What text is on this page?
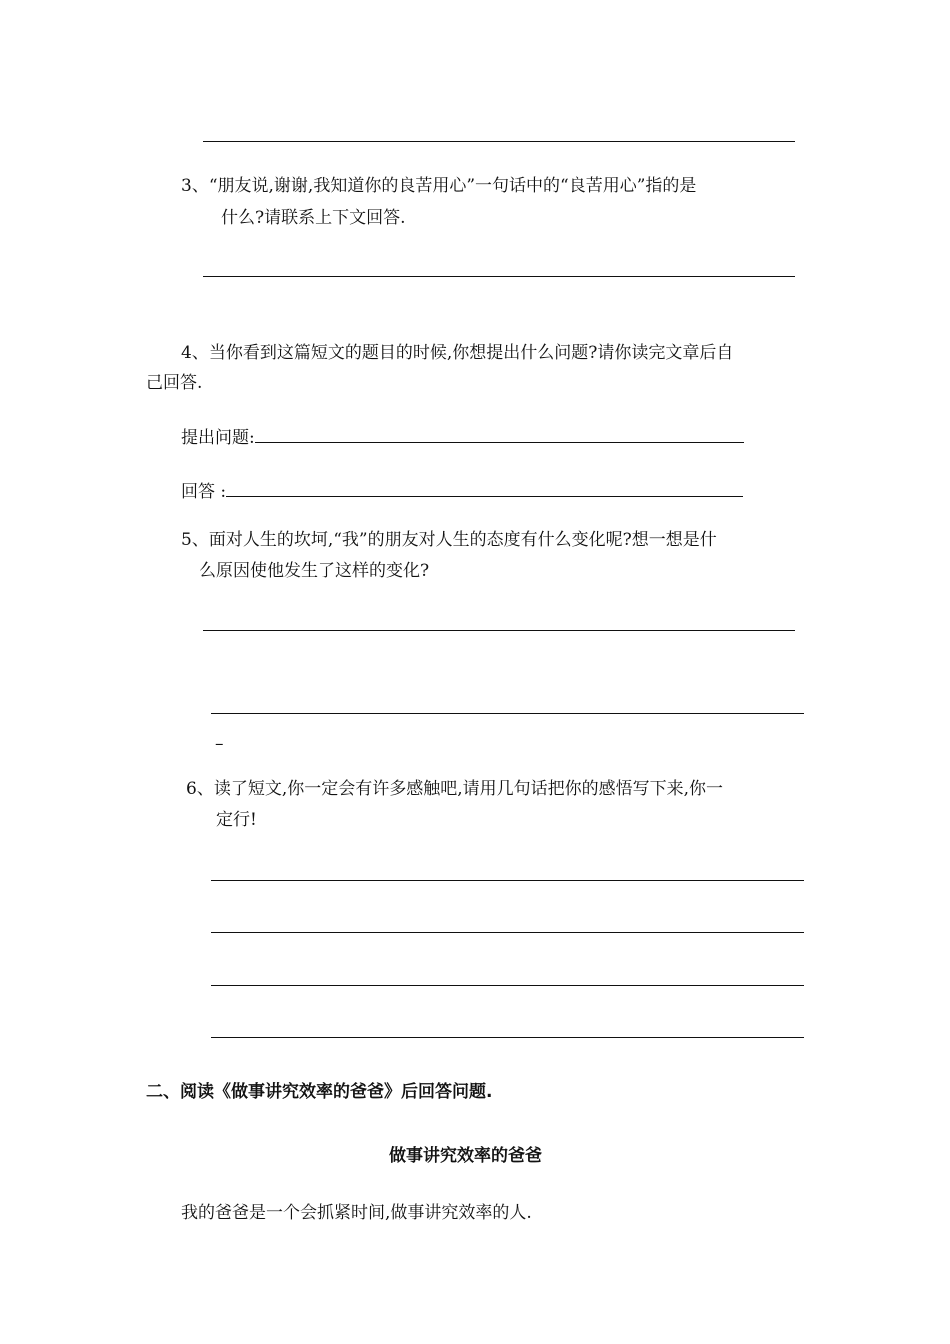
3、“朋友说,谢谢,我知道你的良苦用心”一句话中的“良苦用心”指的是
什么?请联系上下文回答.
4、当你看到这篇短文的题目的时候,你想提出什么问题?请你读完文章后自
己回答.
提出问题:
回答 :
5、面对人生的坎坷,“我”的朋友对人生的态度有什么变化呢?想一想是什
么原因使他发生了这样的变化?
–
6、读了短文,你一定会有许多感触吧,请用几句话把你的感悟写下来,你一
定行!
二、阅读《做事讲究效率的爸爸》后回答问题.
做事讲究效率的爸爸
我的爸爸是一个会抓紧时间,做事讲究效率的人.
